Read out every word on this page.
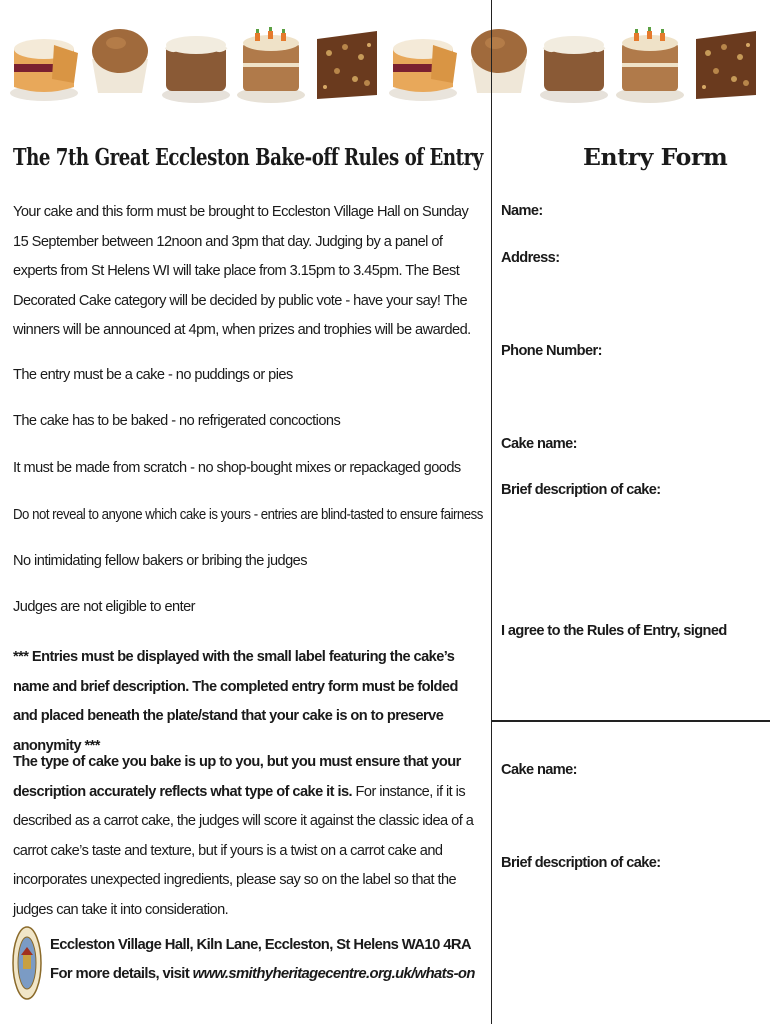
The 7th Great Eccleston Bake-off Rules of Entry
Your cake and this form must be brought to Eccleston Village Hall on Sunday 15 September between 12noon and 3pm that day. Judging by a panel of experts from St Helens WI will take place from 3.15pm to 3.45pm. The Best Decorated Cake category will be decided by public vote - have your say! The winners will be announced at 4pm, when prizes and trophies will be awarded.
The entry must be a cake - no puddings or pies
The cake has to be baked - no refrigerated concoctions
It must be made from scratch - no shop-bought mixes or repackaged goods
Do not reveal to anyone which cake is yours - entries are blind-tasted to ensure fairness
No intimidating fellow bakers or bribing the judges
Judges are not eligible to enter
*** Entries must be displayed with the small label featuring the cake’s name and brief description. The completed entry form must be folded and placed beneath the plate/stand that your cake is on to preserve anonymity ***
The type of cake you bake is up to you, but you must ensure that your description accurately reflects what type of cake it is. For instance, if it is described as a carrot cake, the judges will score it against the classic idea of a carrot cake’s taste and texture, but if yours is a twist on a carrot cake and incorporates unexpected ingredients, please say so on the label so that the judges can take it into consideration.
Eccleston Village Hall, Kiln Lane, Eccleston, St Helens WA10 4RA
For more details, visit www.smithyheritagecentre.org.uk/whats-on
Entry Form
Name:
Address:
Phone Number:
Cake name:
Brief description of cake:
I agree to the Rules of Entry, signed
Cake name:
Brief description of cake:
